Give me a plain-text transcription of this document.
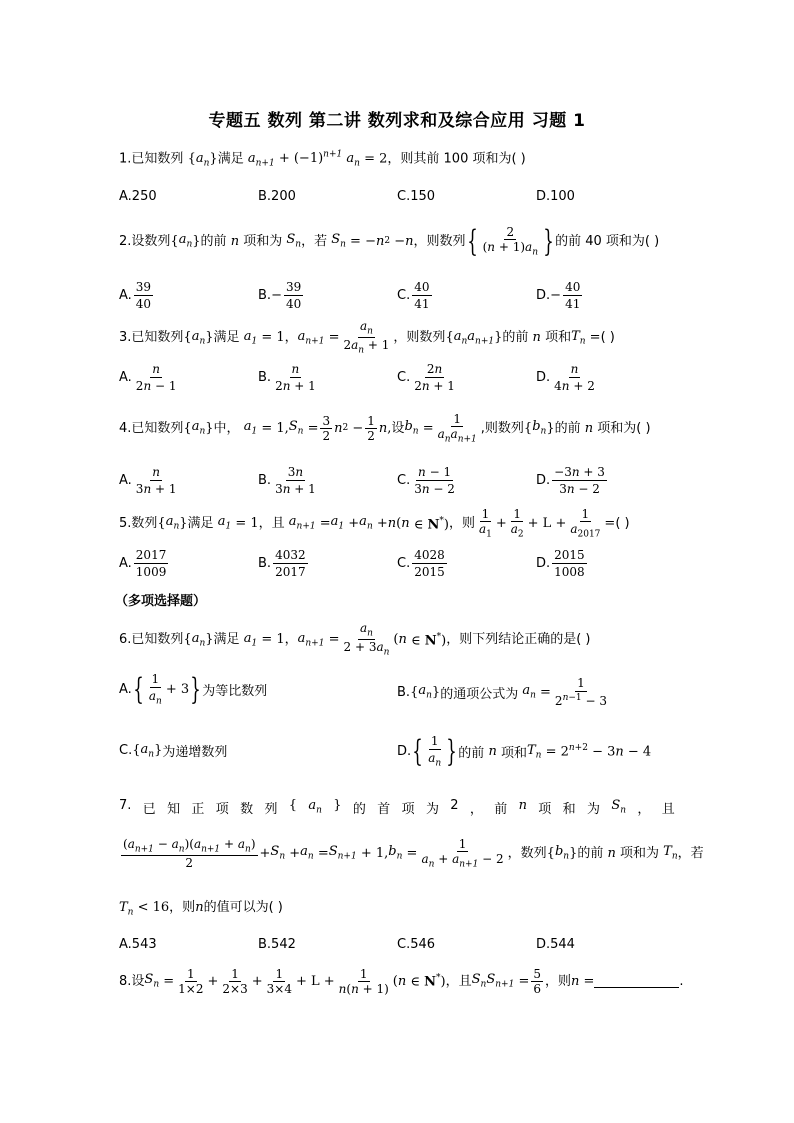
专题五 数列 第二讲 数列求和及综合应用 习题 1
1.已知数列 $\{a_n\}$满足 $a_{n+1} + (-1)^{n+1}$ $a_n = 2$，则其前 100 项和为( )
A.250	B.200	C.150	D.100
2. 设数列 { $a_n$ } 的前 n 项和为 $S_n$ ，若 $S_n$ = − n 2 − n ，则数列 { $\frac{2}{(n + 1)a_n}$ } 的前 40 项和为( )
A. $\frac{39}{40}$	B. − $\frac{39}{40}$	C. $\frac{40}{41}$	D. − $\frac{40}{41}$
3. 已知数列 { $a_n$ } 满足 $a_1 = 1$， $a_{n+1} = \frac{a_n}{2a_n + 1}$ ，则数列 { $a_na_{n+1}$ } 的前 n 项和 $T_n$ = ( )
A. $\frac{n}{2n - 1}$	B. $\frac{n}{2n + 1}$	C. $\frac{2n}{2n + 1}$	D. $\frac{n}{4n + 2}$
4. 已知数列 { $a_n$ } 中， $a_1 = 1$, $S_n = \frac{3}{2}$ n $2 - \frac{1}{2}$ n , 设 $b_n = \frac{1}{a_na_{n+1}}$ ,则数列 { $b_n$ } 的前 n 项和为( )
A. $\frac{n}{3n + 1}$	B. $\frac{3n}{3n + 1}$	C. $\frac{n - 1}{3n - 2}$	D. $\frac{-3n + 3}{3n - 2}$
5. 数列 { $a_n$ } 满足 $a_1 = 1$ ，且 $a_{n+1} = a_1 + a_n + n$ ( n ∈ N*) ，则 $\frac{1}{a_1} + \frac{1}{a_2} + L + \frac{1}{a_{2017}}$ = ( )
A. $\frac{2017}{1009}$	B. $\frac{4032}{2017}$	C. $\frac{4028}{2015}$	D. $\frac{2015}{1008}$
（多项选择题）
6. 已知数列 { $a_n$ } 满足 $a_1 = 1$， $a_{n+1} = \frac{a_n}{2 + 3a_n}$ ( n ∈ N*) ，则下列结论正确的是( )
A. { $\frac{1}{a_n} + 3$ } 为等比数列	B. { $a_n$ } 的通项公式为 $a_n = \frac{1}{2^{n-1} - 3}$
C. { $a_n$ } 为递增数列	D. { $\frac{1}{a_n}$ } 的前 n 项和 $T_n = 2^{n+2} - 3n - 4$
7. 已 知 正 项 数 列 { $a_n$ } 的 首 项 为 2 ， 前 n 项 和 为 $S_n$ ， 且
$\frac{(a_{n+1} - a_n)(a_{n+1} + a_n)}{2} + S_n + a_n = S_{n+1} + 1$, $b_n = \frac{1}{a_n + a_{n+1} - 2}$ ，数列 { $b_n$ } 的前 n 项和为 $T_n$ ，若
$T_n < 16$，则n的值可以为( )
A.543	B.542	C.546	D.544
8. 设 $S_n = \frac{1}{1\times 2} + \frac{1}{2\times 3} + \frac{1}{3\times 4} + L + \frac{1}{n(n + 1)}$ ( n ∈ N*) ，且 $S_nS_{n+1} = \frac{5}{6}$ ，则 n =	.
